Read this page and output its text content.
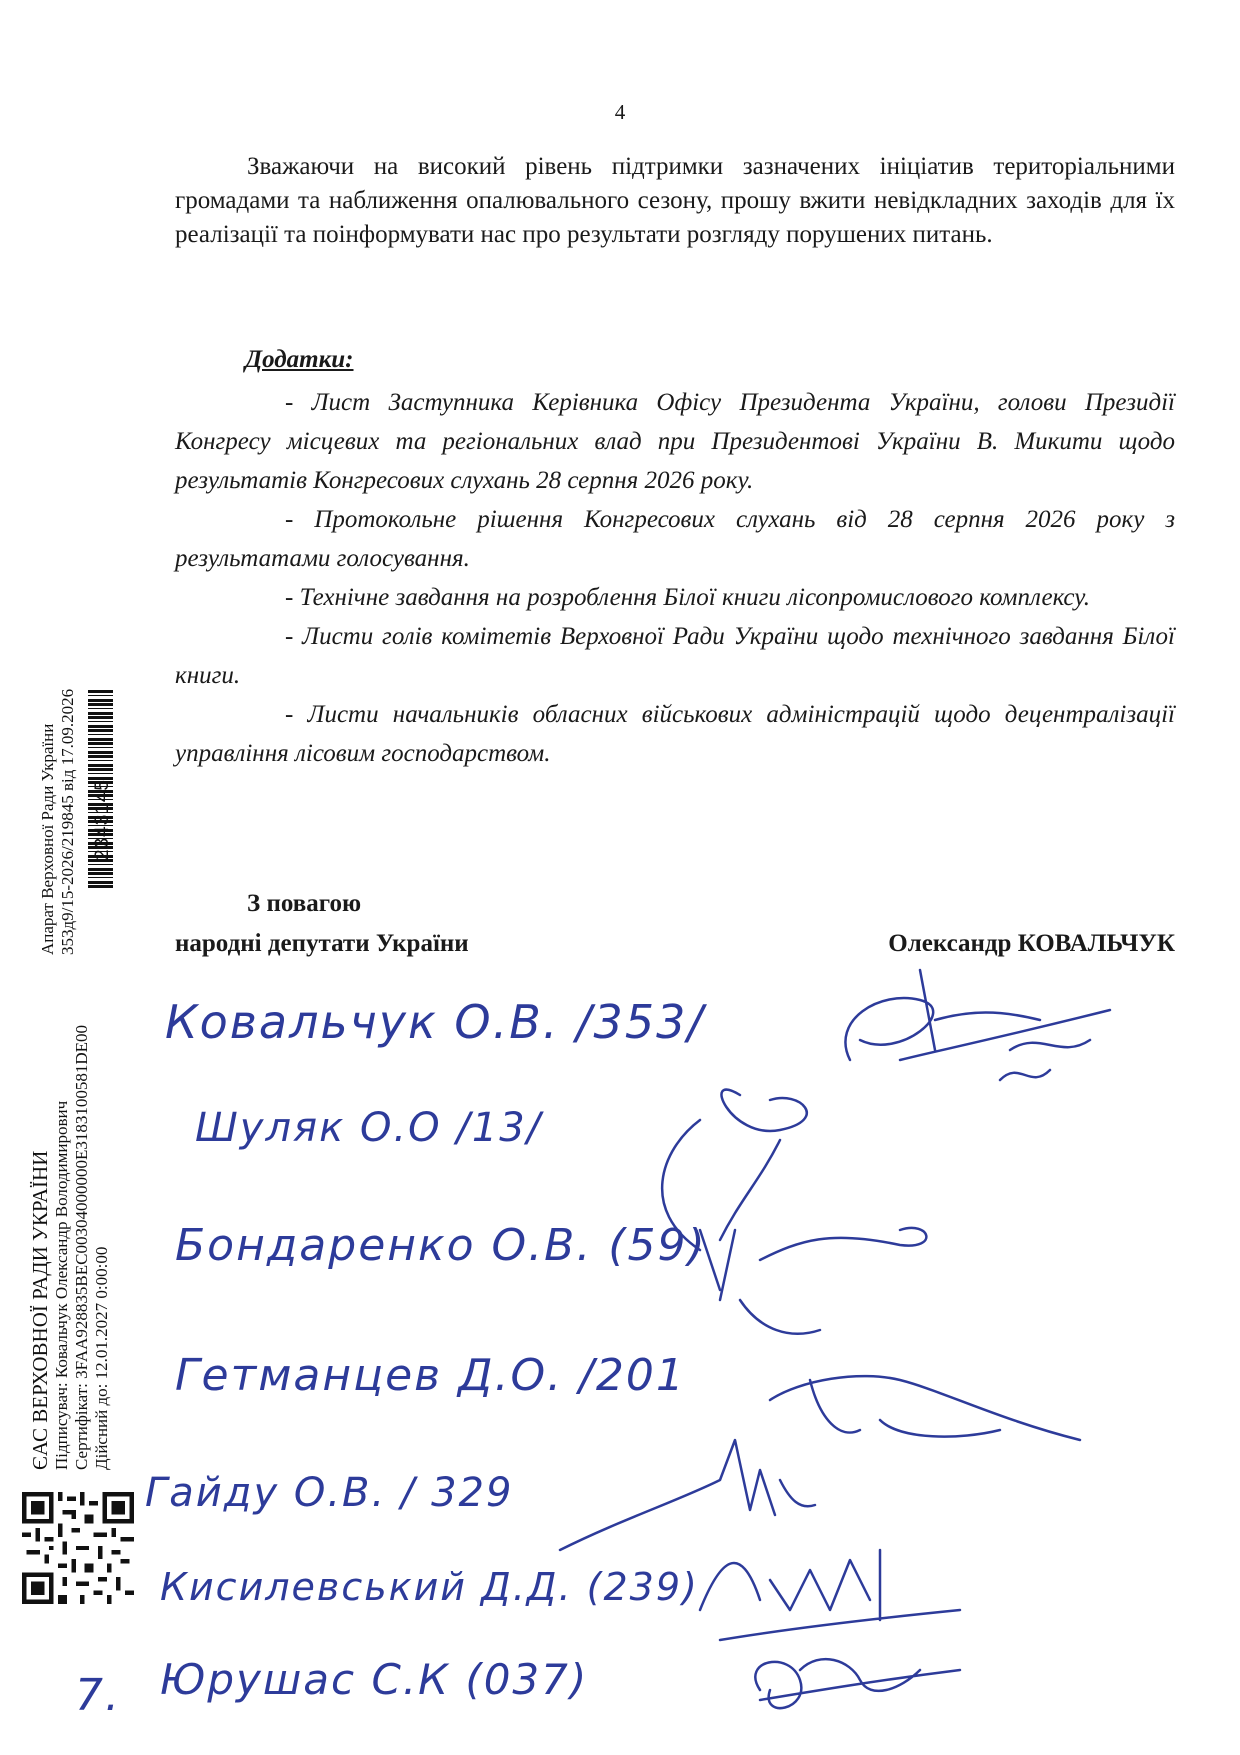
4

Зважаючи на високий рівень підтримки зазначених ініціатив територіальними громадами та наближення опалювального сезону, прошу вжити невідкладних заходів для їх реалізації та поінформувати нас про результати розгляду порушених питань.

Додатки:

- Лист Заступника Керівника Офісу Президента України, голови Президії Конгресу місцевих та регіональних влад при Президентові України В. Микити щодо результатів Конгресових слухань 28 серпня 2026 року.

- Протокольне рішення Конгресових слухань від 28 серпня 2026 року з результатами голосування.

- Технічне завдання на розроблення Білої книги лісопромислового комплексу.

- Листи голів комітетів Верховної Ради України щодо технічного завдання Білої книги.

- Листи начальників обласних військових адміністрацій щодо децентралізації управління лісовим господарством.

З повагою
народні депутати України	Олександр КОВАЛЬЧУК
Апарат Верховної Ради України 353д9/15-2026/219845 від 17.09.2026 2343145
ЄАС ВЕРХОВНОЇ РАДИ УКРАЇНИ Підписувач: Ковальчук Олександр Володимирович Сертифікат: 3FAA928835BEC00304000000E3183100581DE00 Дійсний до: 12.01.2027 0:00:00
Ковальчук О.В. /353/
Шуляк О.О /13/
Бондаренко О.В. (59)
Гетманцев Д.О. /201
Гайду О.В. / 329
Кисилевський Д.Д. (239)
7. Юрушас С.К (037)
